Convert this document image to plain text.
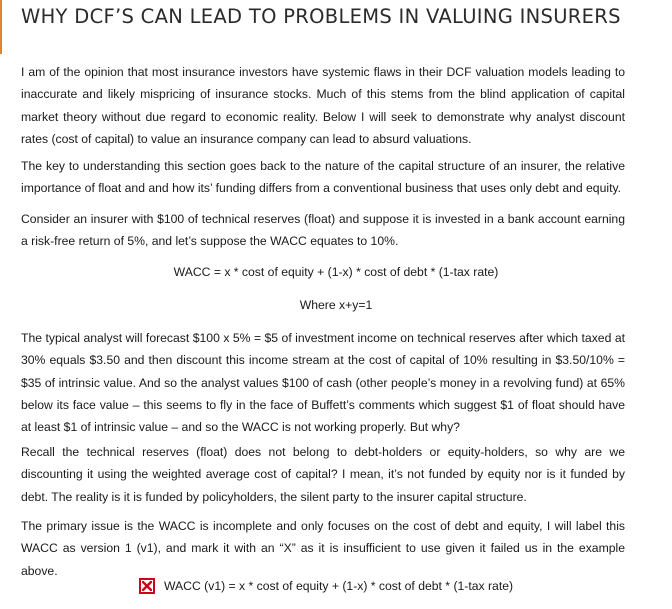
WHY DCF’S CAN LEAD TO PROBLEMS IN VALUING INSURERS

I am of the opinion that most insurance investors have systemic flaws in their DCF valuation models leading to inaccurate and likely mispricing of insurance stocks. Much of this stems from the blind application of capital market theory without due regard to economic reality. Below I will seek to demonstrate why analyst discount rates (cost of capital) to value an insurance company can lead to absurd valuations.

The key to understanding this section goes back to the nature of the capital structure of an insurer, the relative importance of float and and how its’ funding differs from a conventional business that uses only debt and equity.

Consider an insurer with $100 of technical reserves (float) and suppose it is invested in a bank account earning a risk-free return of 5%, and let’s suppose the WACC equates to 10%.

WACC = x * cost of equity + (1-x) * cost of debt * (1-tax rate)

Where x+y=1

The typical analyst will forecast $100 x 5% = $5 of investment income on technical reserves after which taxed at 30% equals $3.50 and then discount this income stream at the cost of capital of 10% resulting in $3.50/10% = $35 of intrinsic value. And so the analyst values $100 of cash (other people’s money in a revolving fund) at 65% below its face value – this seems to fly in the face of Buffett’s comments which suggest $1 of float should have at least $1 of intrinsic value – and so the WACC is not working properly. But why?

Recall the technical reserves (float) does not belong to debt-holders or equity-holders, so why are we discounting it using the weighted average cost of capital? I mean, it’s not funded by equity nor is it funded by debt. The reality is it is funded by policyholders, the silent party to the insurer capital structure.

The primary issue is the WACC is incomplete and only focuses on the cost of debt and equity, I will label this WACC as version 1 (v1), and mark it with an “X” as it is insufficient to use given it failed us in the example above.

WACC (v1) = x * cost of equity + (1-x) * cost of debt * (1-tax rate)
